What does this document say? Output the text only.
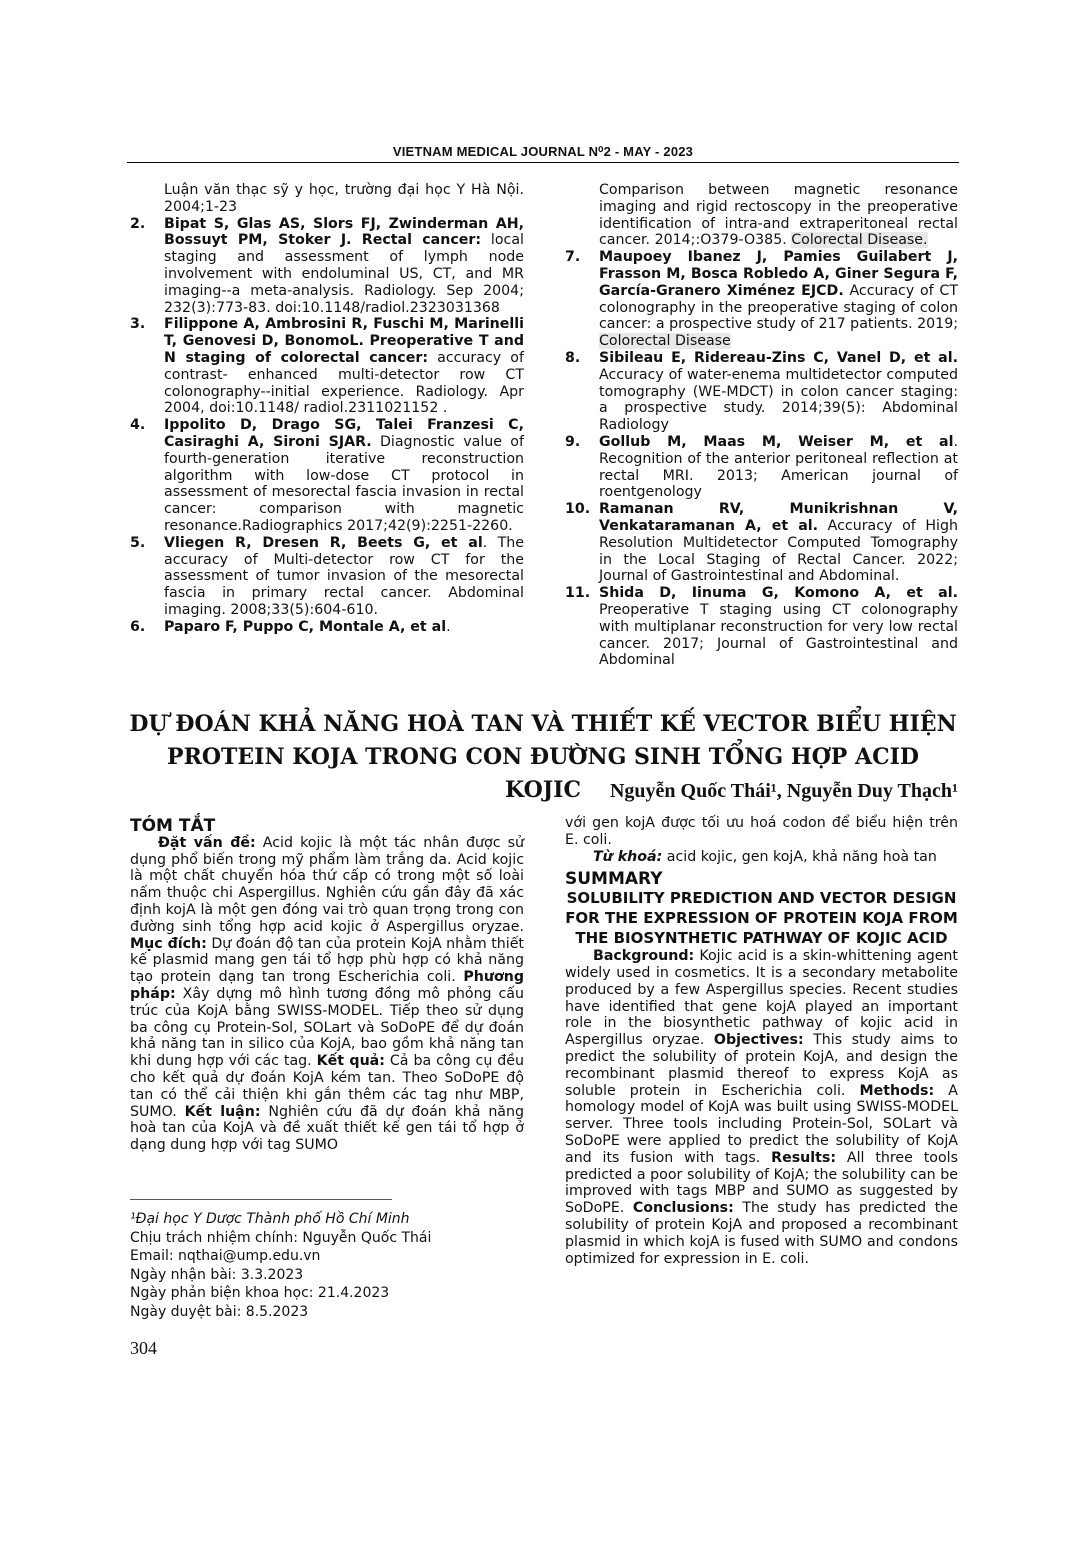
VIETNAM MEDICAL JOURNAL N⁰2 - MAY - 2023
Luận văn thạc sỹ y học, trường đại học Y Hà Nội. 2004;1-23
2.	Bipat S, Glas AS, Slors FJ, Zwinderman AH, Bossuyt PM, Stoker J. Rectal cancer: local staging and assessment of lymph node involvement with endoluminal US, CT, and MR imaging--a meta-analysis. Radiology. Sep 2004; 232(3):773-83. doi:10.1148/radiol.2323031368
3.	Filippone A, Ambrosini R, Fuschi M, Marinelli T, Genovesi D, BonomoL. Preoperative T and N staging of colorectal cancer: accuracy of contrast- enhanced multi-detector row CT colonography--initial experience. Radiology. Apr 2004, doi:10.1148/ radiol.2311021152 .
4.	Ippolito D, Drago SG, Talei Franzesi C, Casiraghi A, Sironi SJAR. Diagnostic value of fourth-generation iterative reconstruction algorithm with low-dose CT protocol in assessment of mesorectal fascia invasion in rectal cancer: comparison with magnetic resonance.Radiographics 2017;42(9):2251-2260.
5.	Vliegen R, Dresen R, Beets G, et al. The accuracy of Multi-detector row CT for the assessment of tumor invasion of the mesorectal fascia in primary rectal cancer. Abdominal imaging. 2008;33(5):604-610.
6.	Paparo F, Puppo C, Montale A, et al.
Comparison between magnetic resonance imaging and rigid rectoscopy in the preoperative identification of intra-and extraperitoneal rectal cancer. 2014;:O379-O385. Colorectal Disease.
7.	Maupoey Ibanez J, Pamies Guilabert J, Frasson M, Bosca Robledo A, Giner Segura F, García-Granero Ximénez EJCD. Accuracy of CT colonography in the preoperative staging of colon cancer: a prospective study of 217 patients. 2019; Colorectal Disease
8.	Sibileau E, Ridereau-Zins C, Vanel D, et al. Accuracy of water-enema multidetector computed tomography (WE-MDCT) in colon cancer staging: a prospective study. 2014;39(5): Abdominal Radiology
9.	Gollub M, Maas M, Weiser M, et al. Recognition of the anterior peritoneal reflection at rectal MRI. 2013; American journal of roentgenology
10. Ramanan RV, Munikrishnan V, Venkataramanan A, et al. Accuracy of High Resolution Multidetector Computed Tomography in the Local Staging of Rectal Cancer. 2022; Journal of Gastrointestinal and Abdominal.
11. Shida D, Iinuma G, Komono A, et al. Preoperative T staging using CT colonography with multiplanar reconstruction for very low rectal cancer. 2017; Journal of Gastrointestinal and Abdominal
DỰ ĐOÁN KHẢ NĂNG HOÀ TAN VÀ THIẾT KẾ VECTOR BIỂU HIỆN
PROTEIN KOJA TRONG CON ĐƯỜNG SINH TỔNG HỢP ACID KOJIC	Nguyễn Quốc Thái¹, Nguyễn Duy Thạch¹
TÓM TẮT
Đặt vấn đề: Acid kojic là một tác nhân được sử dụng phổ biến trong mỹ phẩm làm trắng da. Acid kojic là một chất chuyển hóa thứ cấp có trong một số loài nấm thuộc chi Aspergillus. Nghiên cứu gần đây đã xác định kojA là một gen đóng vai trò quan trọng trong con đường sinh tổng hợp acid kojic ở Aspergillus oryzae. Mục đích: Dự đoán độ tan của protein KojA nhằm thiết kế plasmid mang gen tái tổ hợp phù hợp có khả năng tạo protein dạng tan trong Escherichia coli. Phương pháp: Xây dựng mô hình tương đồng mô phỏng cấu trúc của KojA bằng SWISS-MODEL. Tiếp theo sử dụng ba công cụ Protein-Sol, SOLart và SoDoPE để dự đoán khả năng tan in silico của KojA, bao gồm khả năng tan khi dung hợp với các tag. Kết quả: Cả ba công cụ đều cho kết quả dự đoán KojA kém tan. Theo SoDoPE độ tan có thể cải thiện khi gắn thêm các tag như MBP, SUMO. Kết luận: Nghiên cứu đã dự đoán khả năng hoà tan của KojA và đề xuất thiết kế gen tái tổ hợp ở dạng dung hợp với tag SUMO
¹Đại học Y Dược Thành phố Hồ Chí Minh
Chịu trách nhiệm chính: Nguyễn Quốc Thái
Email: nqthai@ump.edu.vn
Ngày nhận bài: 3.3.2023
Ngày phản biện khoa học: 21.4.2023
Ngày duyệt bài: 8.5.2023
304
với gen kojA được tối ưu hoá codon để biểu hiện trên E. coli.
Từ khoá: acid kojic, gen kojA, khả năng hoà tan
SUMMARY
SOLUBILITY PREDICTION AND VECTOR DESIGN FOR THE EXPRESSION OF PROTEIN KOJA FROM THE BIOSYNTHETIC PATHWAY OF KOJIC ACID
Background: Kojic acid is a skin-whittening agent widely used in cosmetics. It is a secondary metabolite produced by a few Aspergillus species. Recent studies have identified that gene kojA played an important role in the biosynthetic pathway of kojic acid in Aspergillus oryzae. Objectives: This study aims to predict the solubility of protein KojA, and design the recombinant plasmid thereof to express KojA as soluble protein in Escherichia coli. Methods: A homology model of KojA was built using SWISS-MODEL server. Three tools including Protein-Sol, SOLart và SoDoPE were applied to predict the solubility of KojA and its fusion with tags. Results: All three tools predicted a poor solubility of KojA; the solubility can be improved with tags MBP and SUMO as suggested by SoDoPE. Conclusions: The study has predicted the solubility of protein KojA and proposed a recombinant plasmid in which kojA is fused with SUMO and condons optimized for expression in E. coli.
